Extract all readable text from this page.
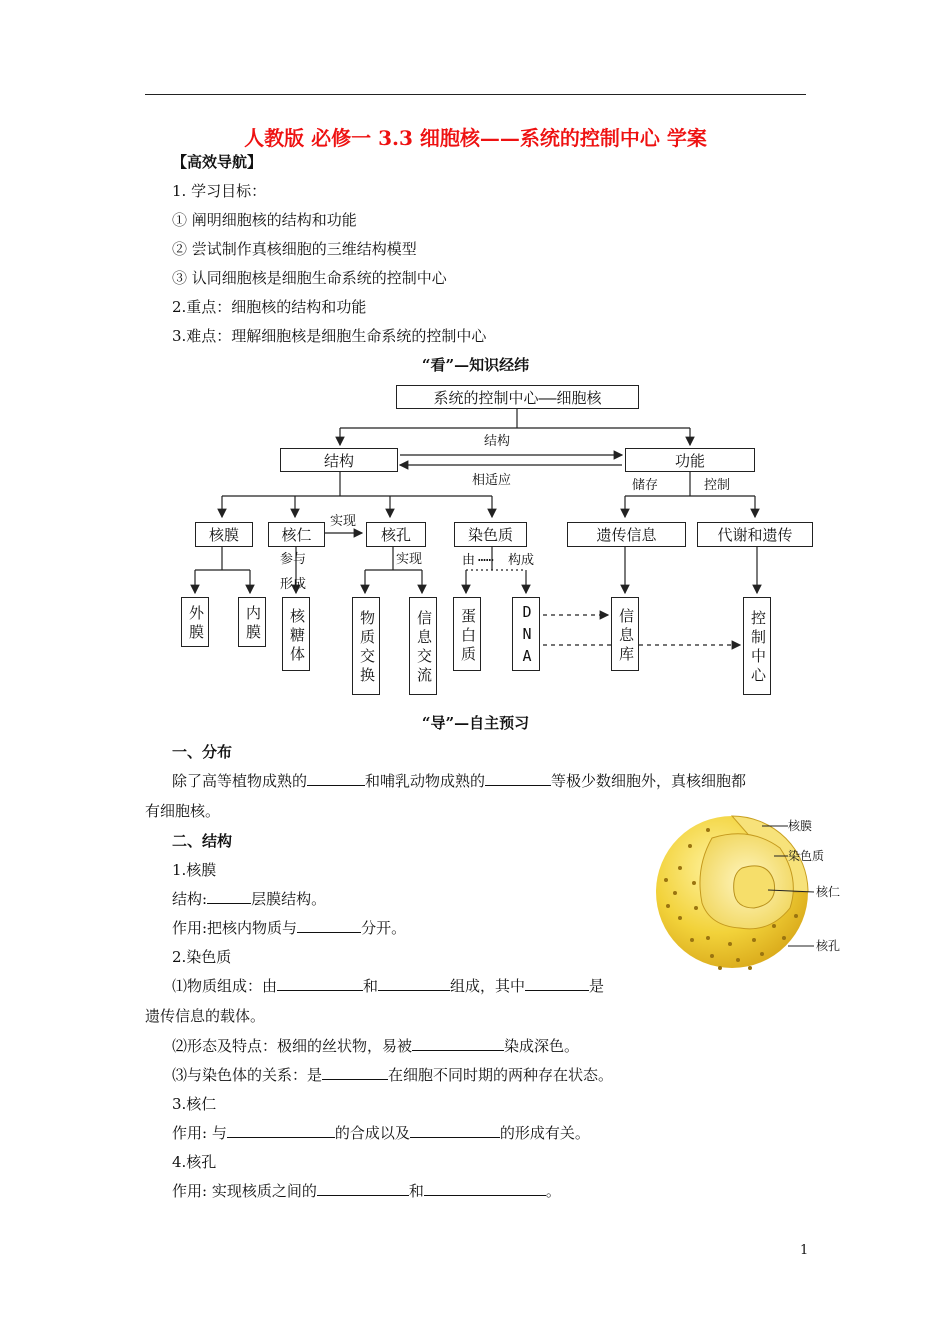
人教版 必修一 3.3 细胞核——系统的控制中心 学案
【高效导航】
1. 学习目标：
① 阐明细胞核的结构和功能
② 尝试制作真核细胞的三维结构模型
③ 认同细胞核是细胞生命系统的控制中心
2.重点：细胞核的结构和功能
3.难点：理解细胞核是细胞生命系统的控制中心
“看”—知识经纬
系统的控制中心——细胞核
结构	功能
结构
相适应	储存	控制
核膜	核仁	核孔	染色质	遗传信息	代谢和遗传
实现
参与
形成
实现	由 …… 构成
外膜	内膜	核糖体	物质交换	信息交流	蛋白质	DNA	信息库	控制中心
“导”—自主预习
一、分布
除了高等植物成熟的	和哺乳动物成熟的	等极少数细胞外，真核细胞都
有细胞核。
二、结构
1.核膜
结构:	层膜结构。
作用:把核内物质与	分开。
2.染色质
⑴物质组成：由	和	组成，其中	是
遗传信息的载体。
⑵形态及特点：极细的丝状物，易被	染成深色。
⑶与染色体的关系：是	在细胞不同时期的两种存在状态。
3.核仁
作用: 与	的合成以及	的形成有关。
4.核孔
作用: 实现核质之间的	和	。
核膜
染色质
核仁
核孔
1
